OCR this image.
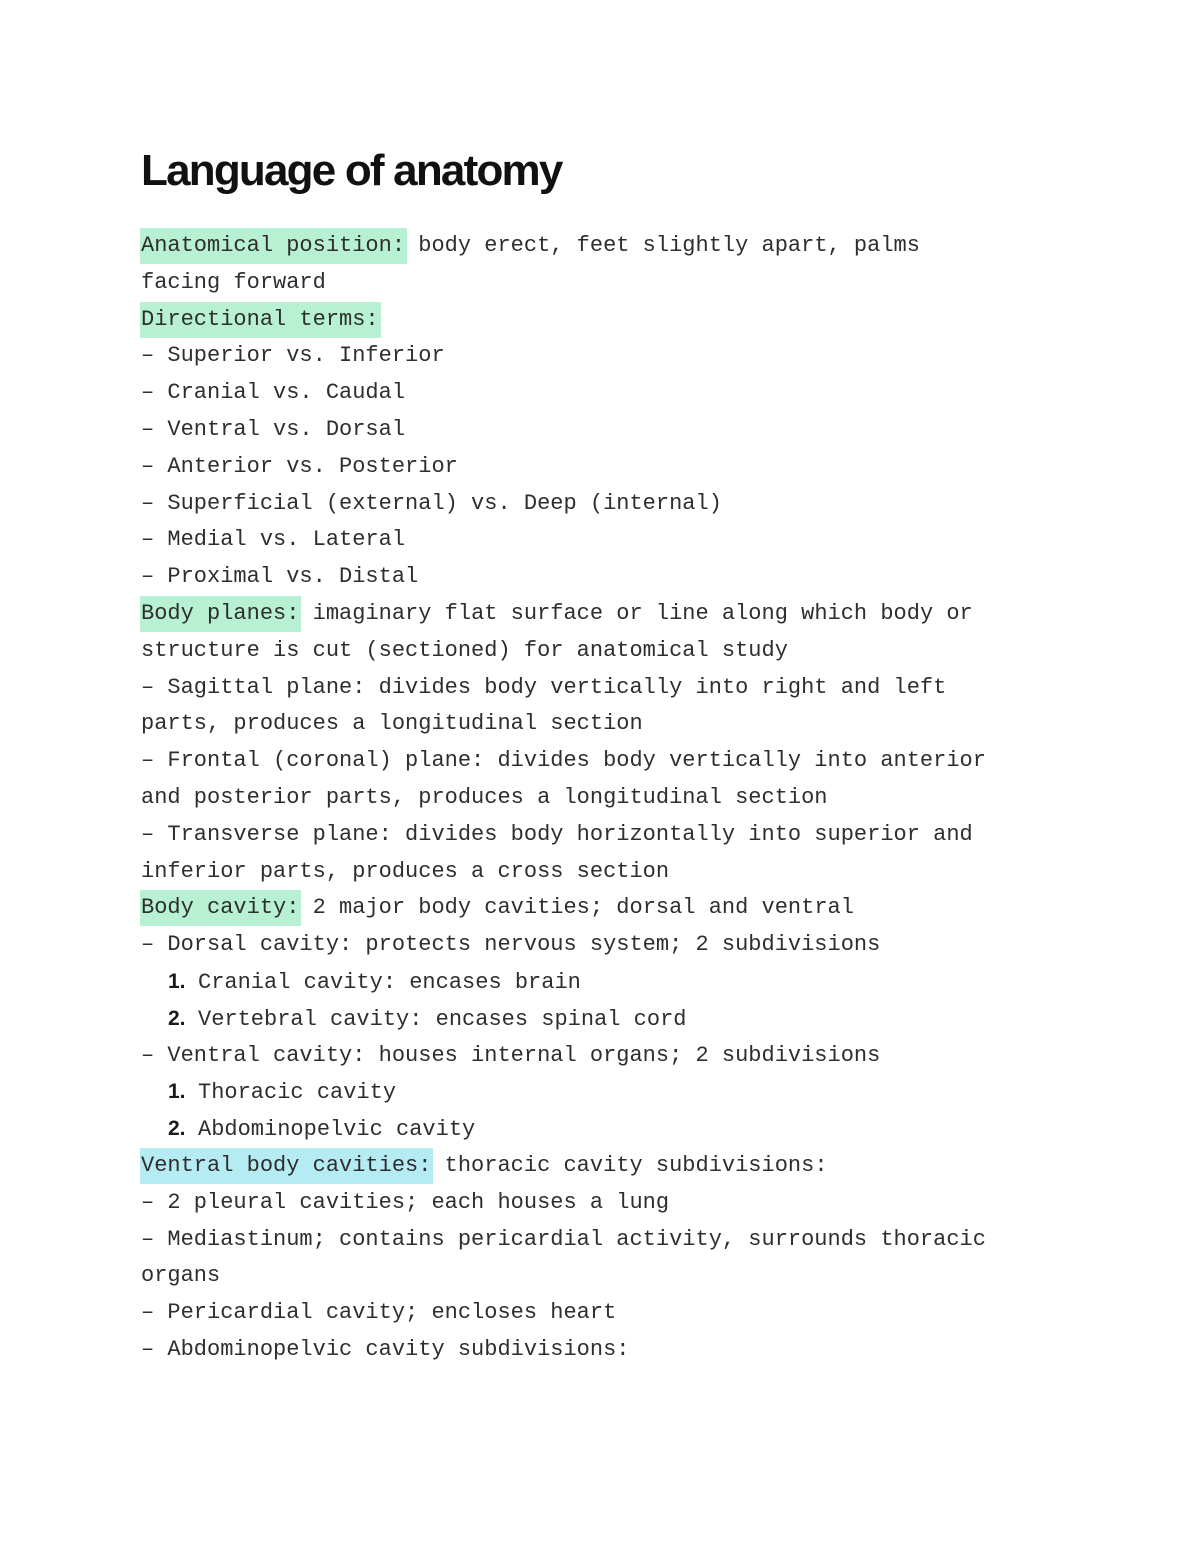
Language of anatomy
Anatomical position: body erect, feet slightly apart, palms
facing forward
Directional terms:
– Superior vs. Inferior
– Cranial vs. Caudal
– Ventral vs. Dorsal
– Anterior vs. Posterior
– Superficial (external) vs. Deep (internal)
– Medial vs. Lateral
– Proximal vs. Distal
Body planes: imaginary flat surface or line along which body or
structure is cut (sectioned) for anatomical study
– Sagittal plane: divides body vertically into right and left
parts, produces a longitudinal section
– Frontal (coronal) plane: divides body vertically into anterior
and posterior parts, produces a longitudinal section
– Transverse plane: divides body horizontally into superior and
inferior parts, produces a cross section
Body cavity: 2 major body cavities; dorsal and ventral
– Dorsal cavity: protects nervous system; 2 subdivisions
1. Cranial cavity: encases brain
2. Vertebral cavity: encases spinal cord
– Ventral cavity: houses internal organs; 2 subdivisions
1. Thoracic cavity
2. Abdominopelvic cavity
Ventral body cavities: thoracic cavity subdivisions:
– 2 pleural cavities; each houses a lung
– Mediastinum; contains pericardial activity, surrounds thoracic
organs
– Pericardial cavity; encloses heart
– Abdominopelvic cavity subdivisions:
